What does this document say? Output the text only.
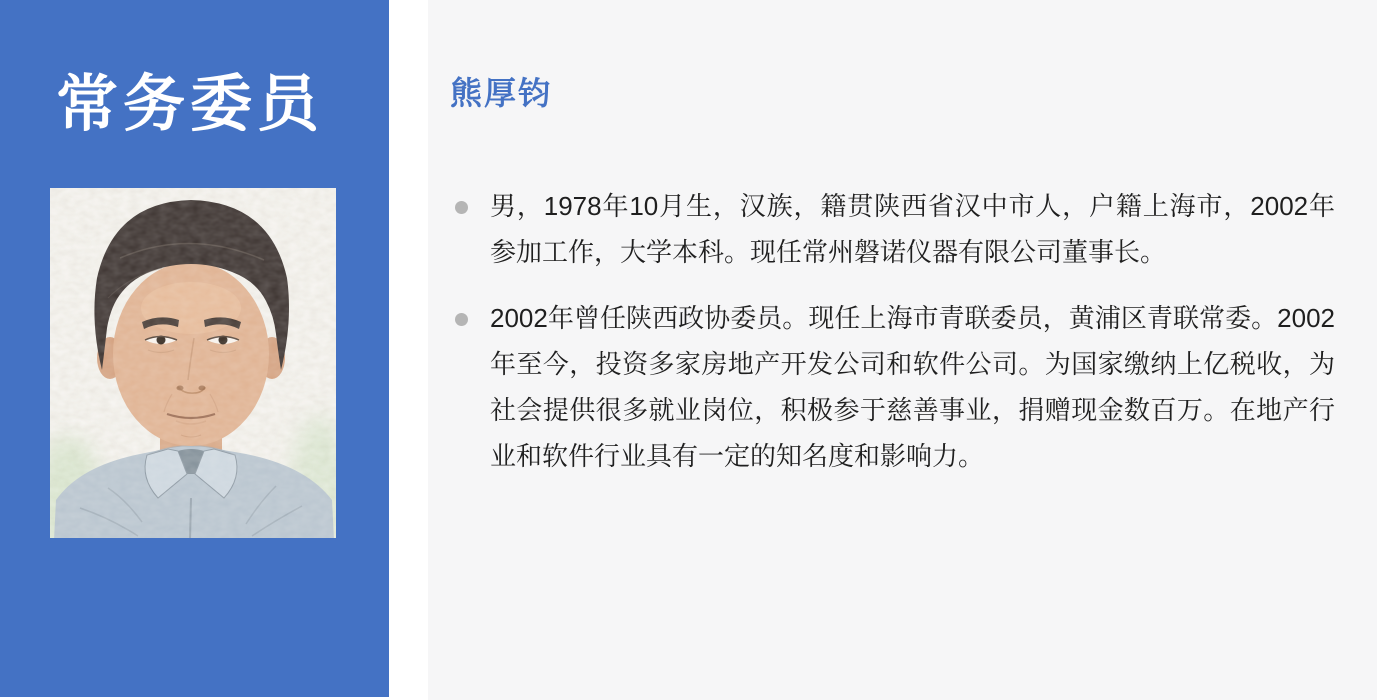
常务委员	熊厚钧
男，1978年10月生，汉族，籍贯陕西省汉中市人，户籍上海市，2002年参加工作，大学本科。现任常州磐诺仪器有限公司董事长。
2002年曾任陕西政协委员。现任上海市青联委员，黄浦区青联常委。2002年至今，投资多家房地产开发公司和软件公司。为国家缴纳上亿税收，为社会提供很多就业岗位，积极参于慈善事业，捐赠现金数百万。在地产行业和软件行业具有一定的知名度和影响力。
